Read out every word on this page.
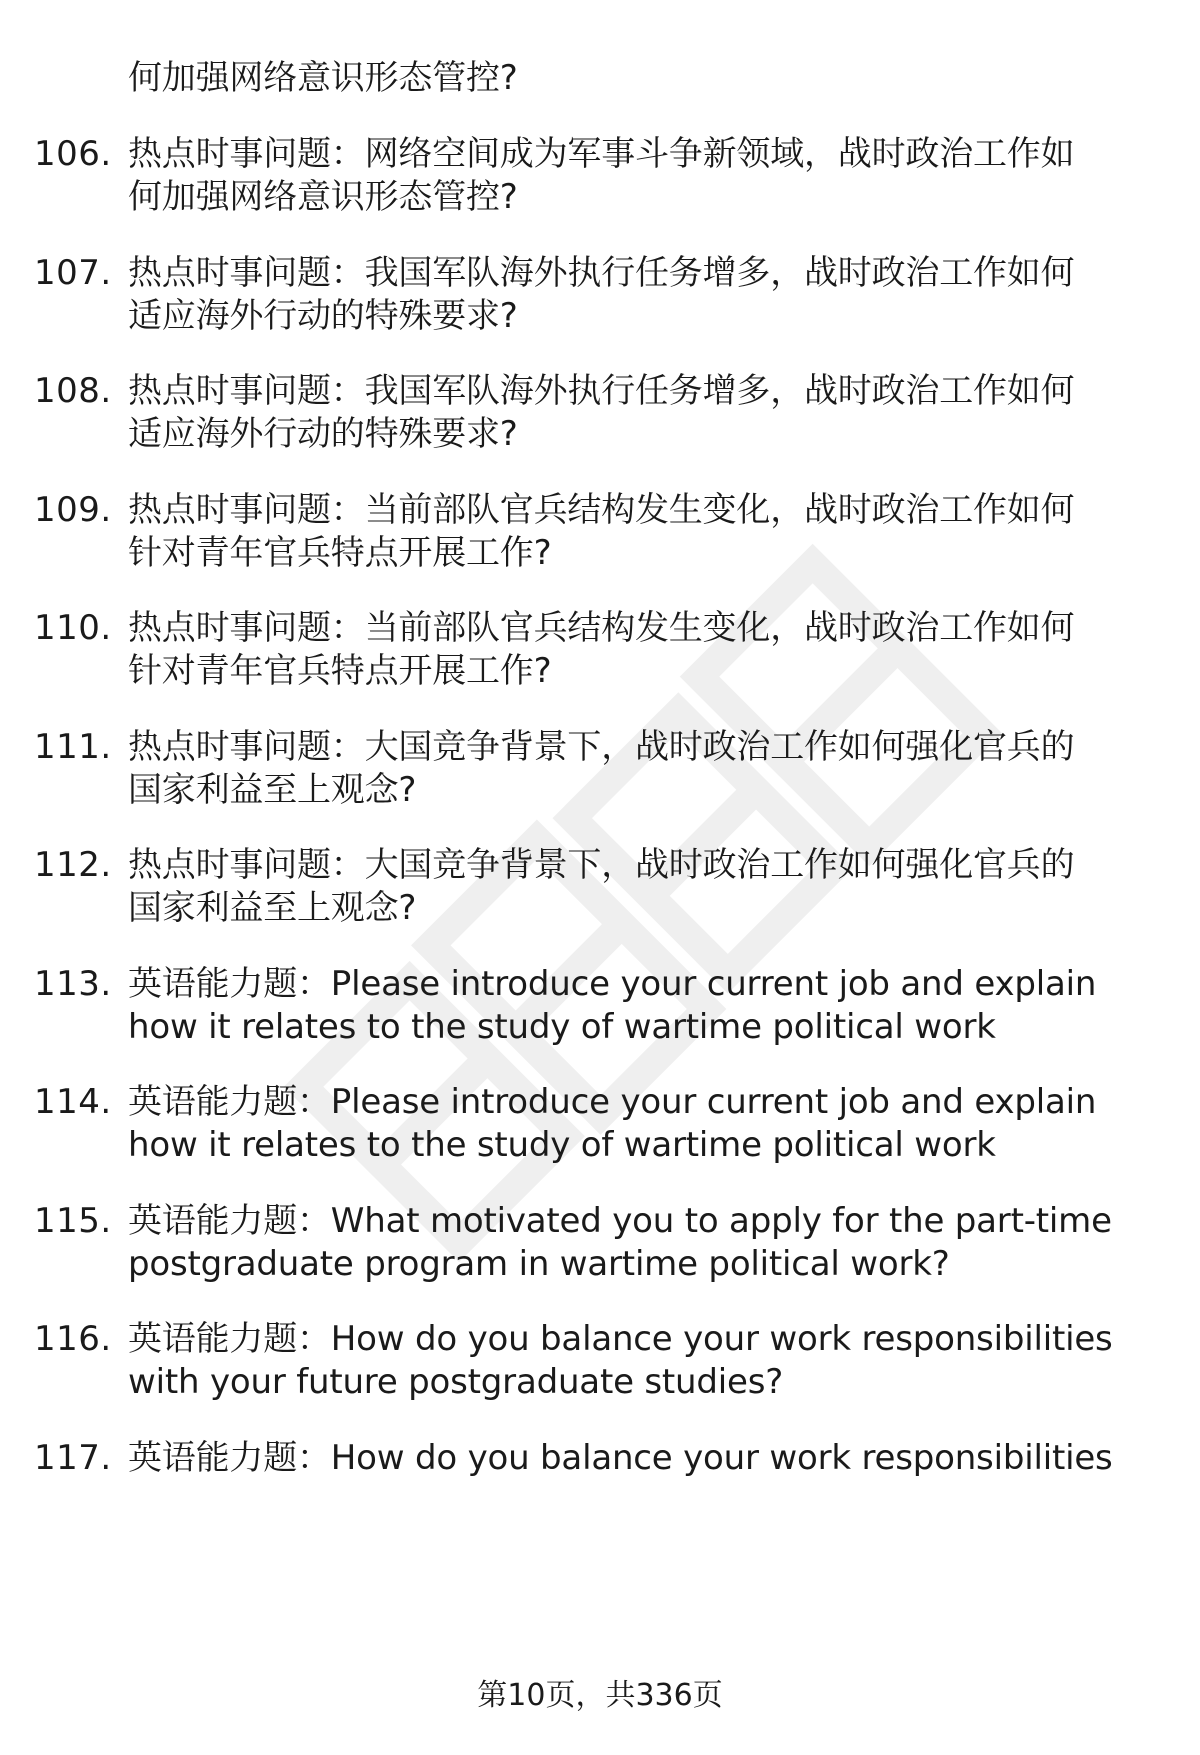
何加强网络意识形态管控?
106. 热点时事问题：网络空间成为军事斗争新领域，战时政治工作如
何加强网络意识形态管控?
107. 热点时事问题：我国军队海外执行任务增多，战时政治工作如何
适应海外行动的特殊要求?
108. 热点时事问题：我国军队海外执行任务增多，战时政治工作如何
适应海外行动的特殊要求?
109. 热点时事问题：当前部队官兵结构发生变化，战时政治工作如何
针对青年官兵特点开展工作?
110. 热点时事问题：当前部队官兵结构发生变化，战时政治工作如何
针对青年官兵特点开展工作?
111. 热点时事问题：大国竞争背景下，战时政治工作如何强化官兵的
国家利益至上观念?
112. 热点时事问题：大国竞争背景下，战时政治工作如何强化官兵的
国家利益至上观念?
113. 英语能力题：Please introduce your current job and explain
how it relates to the study of wartime political work
114. 英语能力题：Please introduce your current job and explain
how it relates to the study of wartime political work
115. 英语能力题：What motivated you to apply for the part-time
postgraduate program in wartime political work?
116. 英语能力题：How do you balance your work responsibilities
with your future postgraduate studies?
117. 英语能力题：How do you balance your work responsibilities
第10页，共336页
